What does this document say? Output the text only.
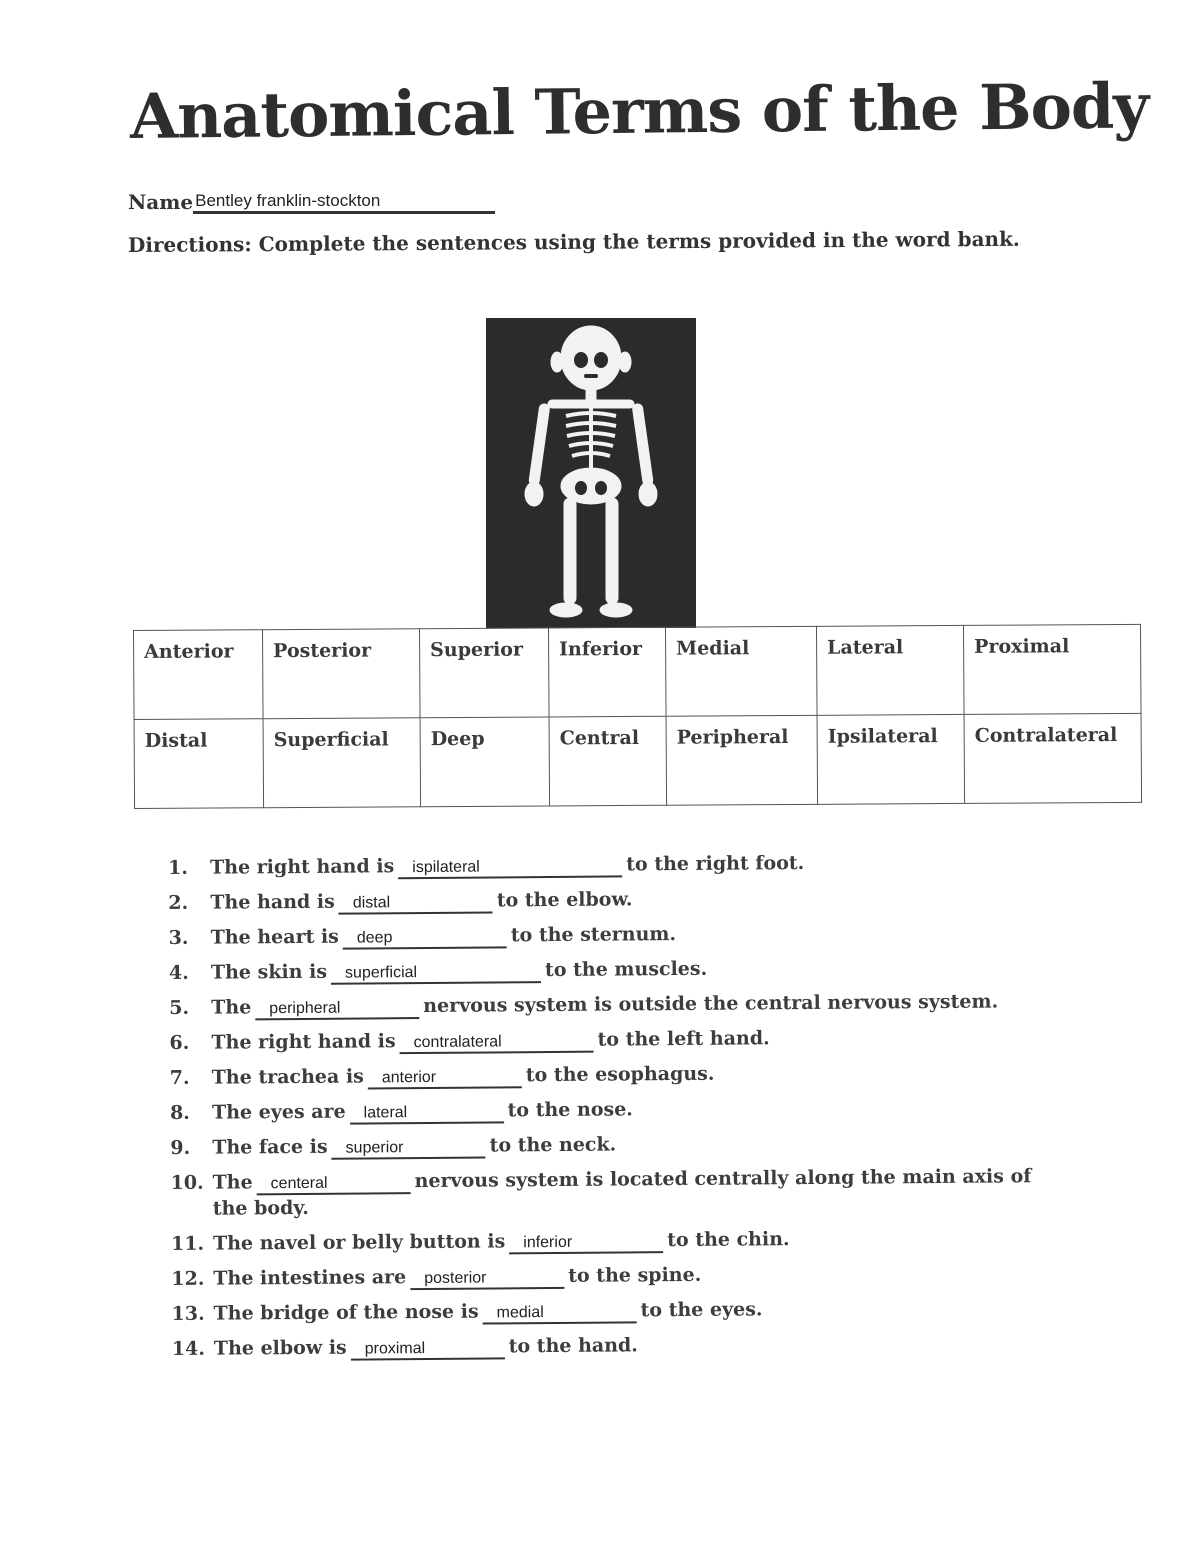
Anatomical Terms of the Body
Name Bentley franklin-stockton
Directions: Complete the sentences using the terms provided in the word bank.
Anterior	Posterior	Superior	Inferior	Medial	Lateral	Proximal
Distal	Superficial	Deep	Central	Peripheral	Ipsilateral	Contralateral
1.	The right hand is ispilateral	to the right foot.
2.	The hand is distal	to the elbow.
3.	The heart is deep	to the sternum.
4.	The skin is superficial	to the muscles.
5.	The peripheral	nervous system is outside the central nervous system.
6.	The right hand is contralateral	to the left hand.
7.	The trachea is anterior	to the esophagus.
8.	The eyes are lateral	to the nose.
9.	The face is superior	to the neck.
10. The centeral	nervous system is located centrally along the main axis of the body.
11. The navel or belly button is inferior	to the chin.
12. The intestines are posterior	to the spine.
13. The bridge of the nose is medial	to the eyes.
14. The elbow is proximal	to the hand.
